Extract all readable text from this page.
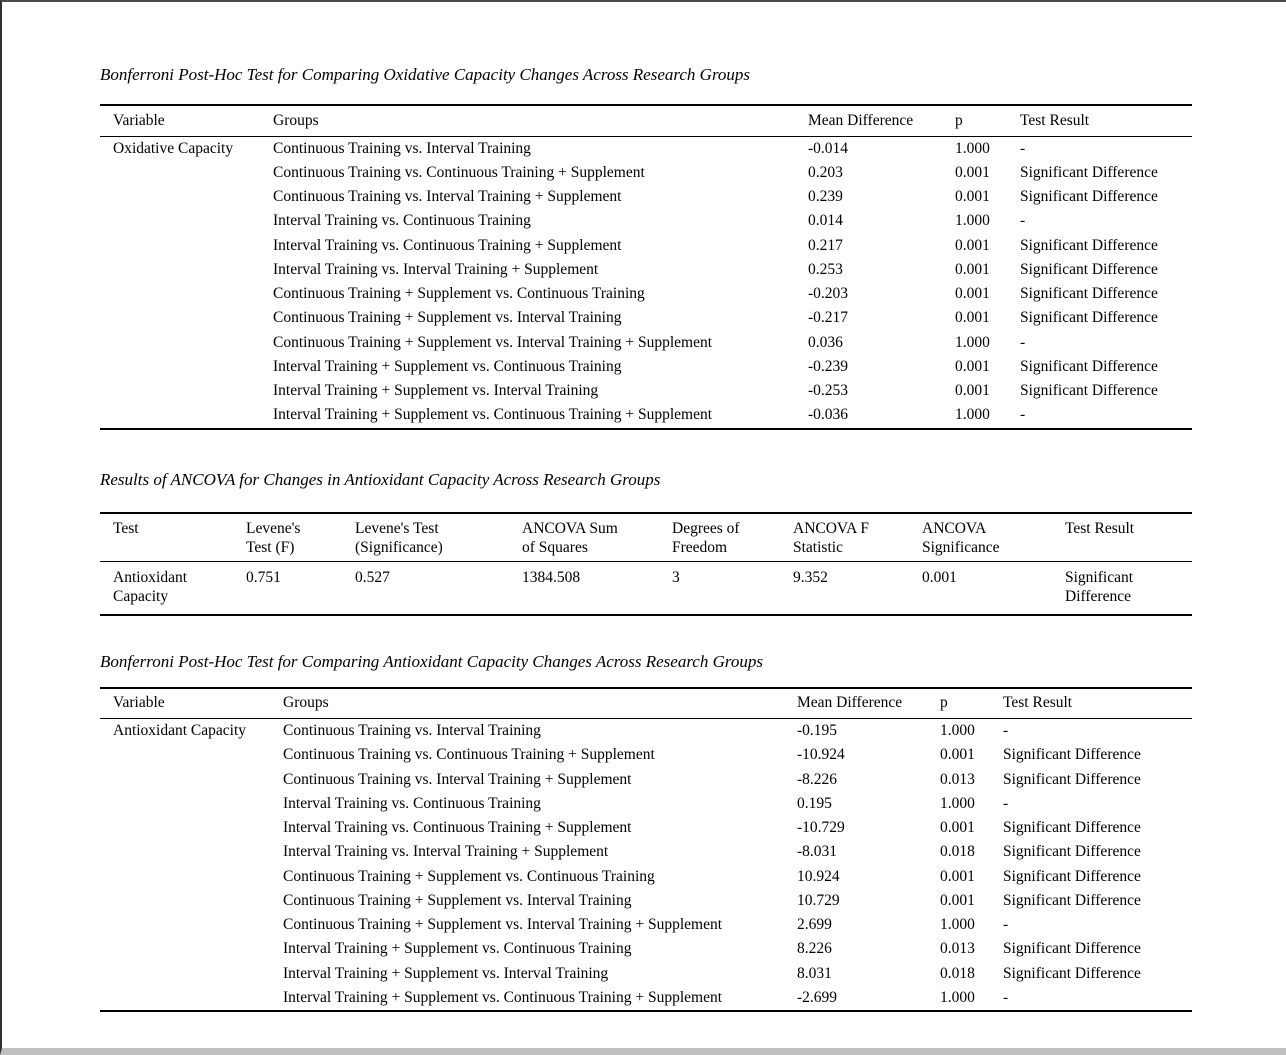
Bonferroni Post-Hoc Test for Comparing Oxidative Capacity Changes Across Research Groups
Variable	Groups	Mean Difference	p	Test Result
Oxidative Capacity	Continuous Training vs. Interval Training	-0.014	1.000	-
	Continuous Training vs. Continuous Training + Supplement	0.203	0.001	Significant Difference
	Continuous Training vs. Interval Training + Supplement	0.239	0.001	Significant Difference
	Interval Training vs. Continuous Training	0.014	1.000	-
	Interval Training vs. Continuous Training + Supplement	0.217	0.001	Significant Difference
	Interval Training vs. Interval Training + Supplement	0.253	0.001	Significant Difference
	Continuous Training + Supplement vs. Continuous Training	-0.203	0.001	Significant Difference
	Continuous Training + Supplement vs. Interval Training	-0.217	0.001	Significant Difference
	Continuous Training + Supplement vs. Interval Training + Supplement	0.036	1.000	-
	Interval Training + Supplement vs. Continuous Training	-0.239	0.001	Significant Difference
	Interval Training + Supplement vs. Interval Training	-0.253	0.001	Significant Difference
	Interval Training + Supplement vs. Continuous Training + Supplement	-0.036	1.000	-
Results of ANCOVA for Changes in Antioxidant Capacity Across Research Groups
Test	Levene's Test (F)	Levene's Test (Significance)	ANCOVA Sum of Squares	Degrees of Freedom	ANCOVA F Statistic	ANCOVA Significance	Test Result
Antioxidant Capacity	0.751	0.527	1384.508	3	9.352	0.001	Significant Difference
Bonferroni Post-Hoc Test for Comparing Antioxidant Capacity Changes Across Research Groups
Variable	Groups	Mean Difference	p	Test Result
Antioxidant Capacity	Continuous Training vs. Interval Training	-0.195	1.000	-
	Continuous Training vs. Continuous Training + Supplement	-10.924	0.001	Significant Difference
	Continuous Training vs. Interval Training + Supplement	-8.226	0.013	Significant Difference
	Interval Training vs. Continuous Training	0.195	1.000	-
	Interval Training vs. Continuous Training + Supplement	-10.729	0.001	Significant Difference
	Interval Training vs. Interval Training + Supplement	-8.031	0.018	Significant Difference
	Continuous Training + Supplement vs. Continuous Training	10.924	0.001	Significant Difference
	Continuous Training + Supplement vs. Interval Training	10.729	0.001	Significant Difference
	Continuous Training + Supplement vs. Interval Training + Supplement	2.699	1.000	-
	Interval Training + Supplement vs. Continuous Training	8.226	0.013	Significant Difference
	Interval Training + Supplement vs. Interval Training	8.031	0.018	Significant Difference
	Interval Training + Supplement vs. Continuous Training + Supplement	-2.699	1.000	-
